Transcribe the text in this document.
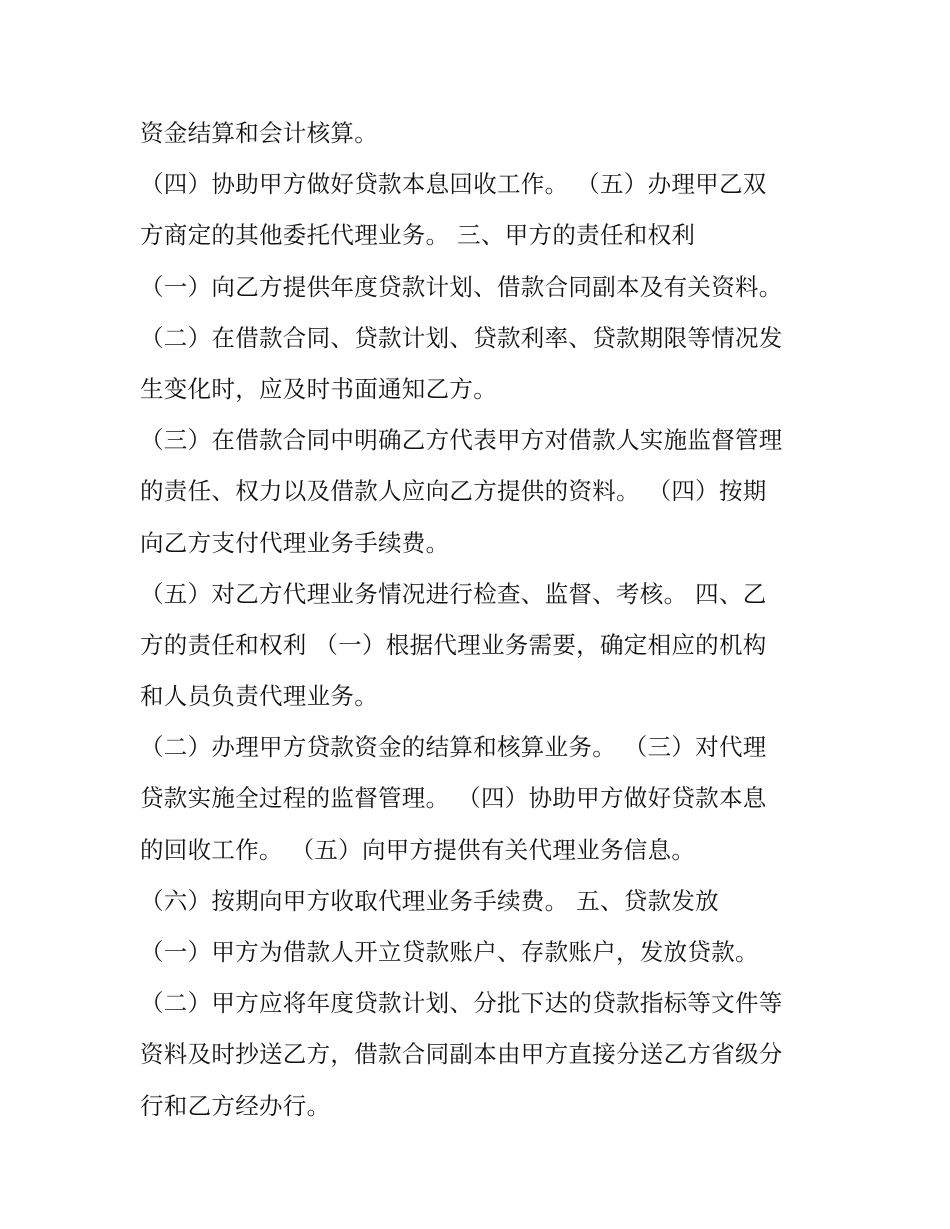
资金结算和会计核算。
（四）协助甲方做好贷款本息回收工作。 （五）办理甲乙双
方商定的其他委托代理业务。 三、甲方的责任和权利
（一）向乙方提供年度贷款计划、借款合同副本及有关资料。
（二）在借款合同、贷款计划、贷款利率、贷款期限等情况发
生变化时，应及时书面通知乙方。
（三）在借款合同中明确乙方代表甲方对借款人实施监督管理
的责任、权力以及借款人应向乙方提供的资料。 （四）按期
向乙方支付代理业务手续费。
（五）对乙方代理业务情况进行检查、监督、考核。 四、乙
方的责任和权利 （一）根据代理业务需要，确定相应的机构
和人员负责代理业务。
（二）办理甲方贷款资金的结算和核算业务。 （三）对代理
贷款实施全过程的监督管理。 （四）协助甲方做好贷款本息
的回收工作。 （五）向甲方提供有关代理业务信息。
（六）按期向甲方收取代理业务手续费。 五、贷款发放
（一）甲方为借款人开立贷款账户、存款账户，发放贷款。
（二）甲方应将年度贷款计划、分批下达的贷款指标等文件等
资料及时抄送乙方，借款合同副本由甲方直接分送乙方省级分
行和乙方经办行。
